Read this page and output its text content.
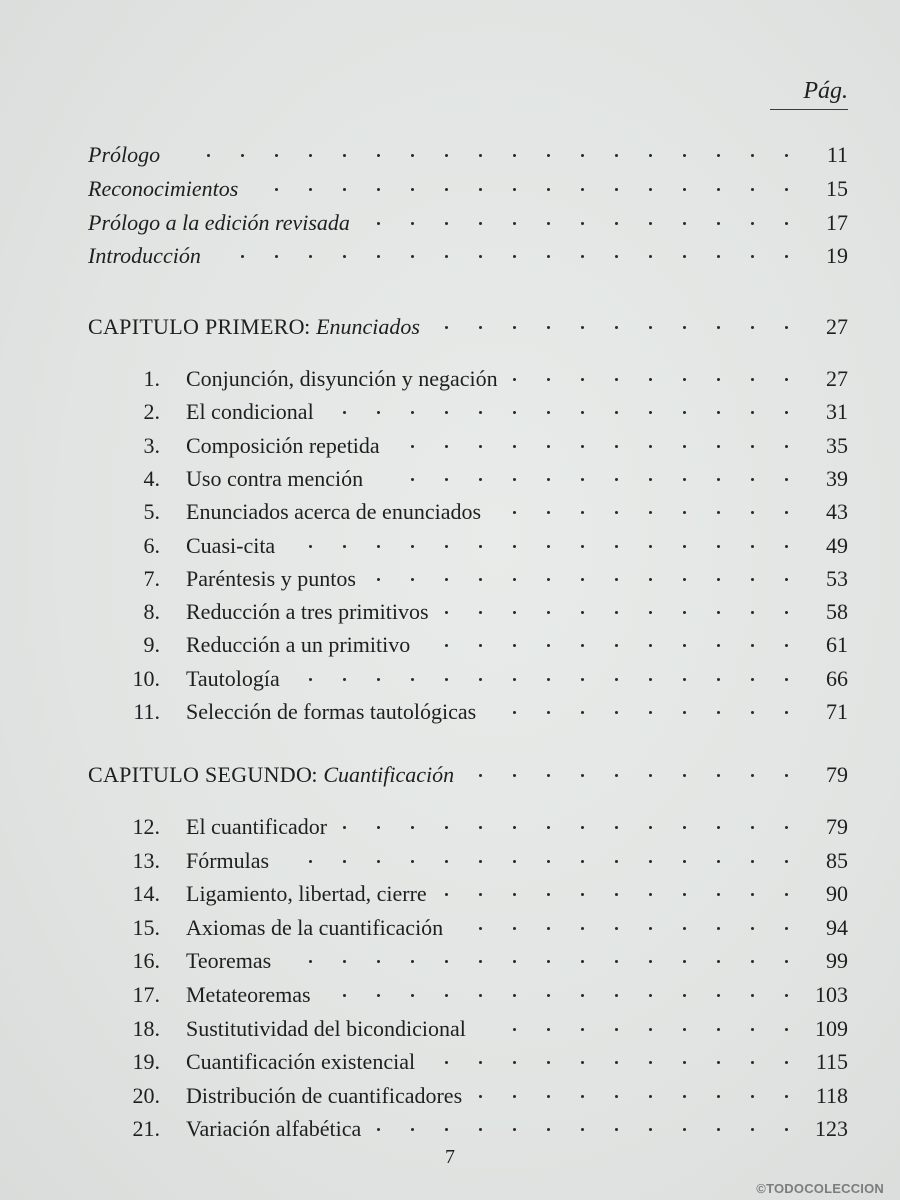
Pág.
Prólogo	11
Reconocimientos	15
Prólogo a la edición revisada	17
Introducción	19
CAPITULO PRIMERO : Enunciados	27
1. Conjunción, disyunción y negación	27
2. El condicional	31
3. Composición repetida	35
4. Uso contra mención	39
5. Enunciados acerca de enunciados	43
6. Cuasi-cita	49
7. Paréntesis y puntos	53
8. Reducción a tres primitivos	58
9. Reducción a un primitivo	61
10. Tautología	66
11. Selección de formas tautológicas	71
CAPITULO SEGUNDO : Cuantificación	79
12. El cuantificador	79
13. Fórmulas	85
14. Ligamiento, libertad, cierre	90
15. Axiomas de la cuantificación	94
16. Teoremas	99
17. Metateoremas	103
18. Sustitutividad del bicondicional	109
19. Cuantificación existencial	115
20. Distribución de cuantificadores	118
21. Variación alfabética	123
7
©TODOCOLECCION
